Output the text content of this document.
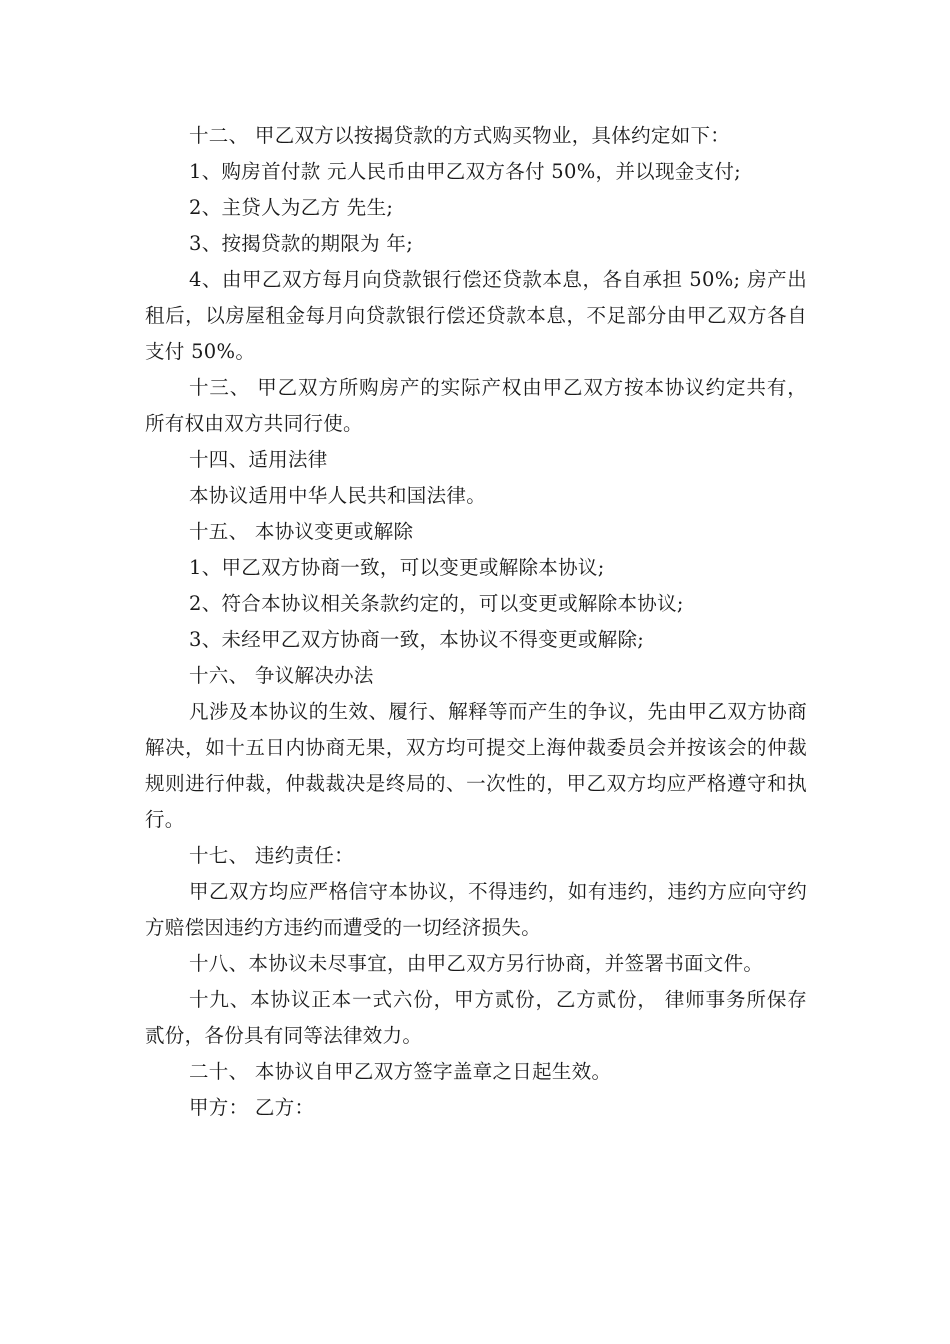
十二、 甲乙双方以按揭贷款的方式购买物业，具体约定如下：

1、购房首付款 元人民币由甲乙双方各付 50%，并以现金支付;

2、主贷人为乙方 先生;

3、按揭贷款的期限为 年;

4、由甲乙双方每月向贷款银行偿还贷款本息，各自承担 50%; 房产出租后，以房屋租金每月向贷款银行偿还贷款本息，不足部分由甲乙双方各自支付 50%。

十三、 甲乙双方所购房产的实际产权由甲乙双方按本协议约定共有，所有权由双方共同行使。

十四、适用法律

本协议适用中华人民共和国法律。

十五、 本协议变更或解除

1、甲乙双方协商一致，可以变更或解除本协议;

2、符合本协议相关条款约定的，可以变更或解除本协议;

3、未经甲乙双方协商一致，本协议不得变更或解除;

十六、 争议解决办法

凡涉及本协议的生效、履行、解释等而产生的争议，先由甲乙双方协商解决，如十五日内协商无果，双方均可提交上海仲裁委员会并按该会的仲裁规则进行仲裁，仲裁裁决是终局的、一次性的，甲乙双方均应严格遵守和执行。

十七、 违约责任：

甲乙双方均应严格信守本协议，不得违约，如有违约，违约方应向守约方赔偿因违约方违约而遭受的一切经济损失。

十八、本协议未尽事宜，由甲乙双方另行协商，并签署书面文件。

十九、本协议正本一式六份，甲方贰份，乙方贰份， 律师事务所保存贰份，各份具有同等法律效力。

二十、 本协议自甲乙双方签字盖章之日起生效。

甲方： 乙方：
